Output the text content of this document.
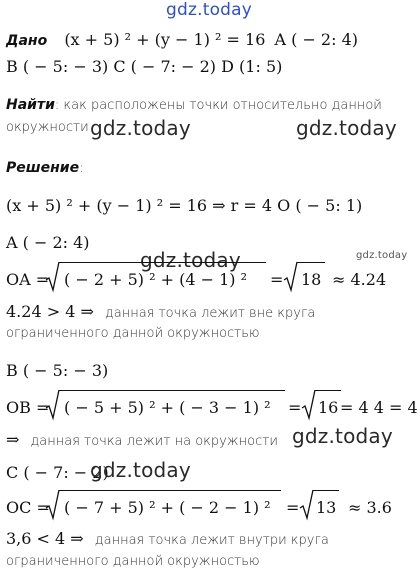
gdz.today
Дано (x + 5) ² + (y − 1) ² = 16 A ( − 2: 4)
B ( − 5: − 3) C ( − 7: − 2) D (1: 5)
Найти: как расположены точки относительно данной
окружности gdz.today	gdz.today
Решение:
(x + 5) ² + (y − 1) ² = 16 ⇒ r = 4 O ( − 5: 1)
A ( − 2: 4)
gdz.today
gdz.today
OA = ( − 2 + 5) ² + (4 − 1) ² = 18 ≈ 4.24
4.24 > 4 ⇒ данная точка лежит вне круга
ограниченного данной окружностью
B ( − 5: − 3)
OB = ( − 5 + 5) ² + ( − 3 − 1) ² = 16 = 4 4 = 4
⇒ данная точка лежит на окружности gdz.today
C ( − 7: − 2)
gdz.today
OC = ( − 7 + 5) ² + ( − 2 − 1) ² = 13 ≈ 3.6
3,6 < 4 ⇒ данная точка лежит внутри круга
ограниченного данной окружностью
